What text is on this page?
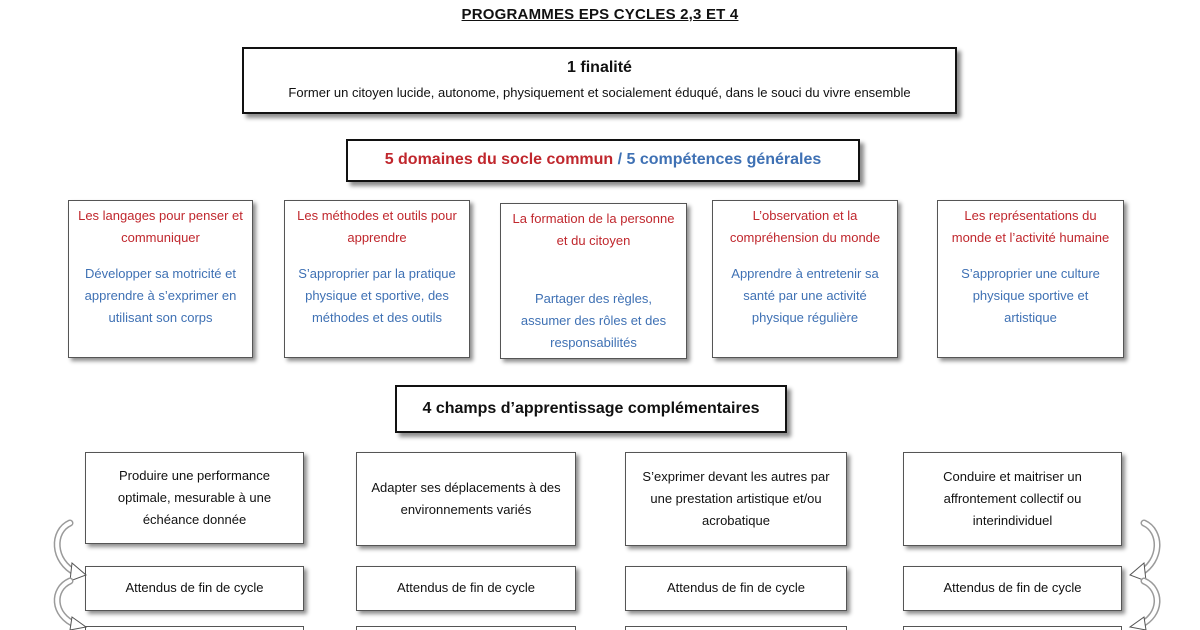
PROGRAMMES EPS CYCLES 2,3 ET 4
1 finalité
Former un citoyen lucide, autonome, physiquement et socialement éduqué, dans le souci du vivre ensemble
5 domaines du socle commun / 5 compétences générales
Les langages pour penser et communiquer
Développer sa motricité et apprendre à s’exprimer en utilisant son corps
Les méthodes et outils pour apprendre
S’approprier par la pratique physique et sportive, des méthodes et des outils
La formation de la personne et du citoyen
Partager des règles, assumer des rôles et des responsabilités
L’observation et la compréhension du monde
Apprendre à entretenir sa santé par une activité physique régulière
Les représentations du monde et l’activité humaine
S’approprier une culture physique sportive et artistique
4 champs d’apprentissage complémentaires
Produire une performance optimale, mesurable à une échéance donnée
Adapter ses déplacements à des environnements variés
S’exprimer devant les autres par une prestation artistique et/ou acrobatique
Conduire et maitriser un affrontement collectif ou interindividuel
Attendus de fin de cycle	Attendus de fin de cycle	Attendus de fin de cycle	Attendus de fin de cycle
